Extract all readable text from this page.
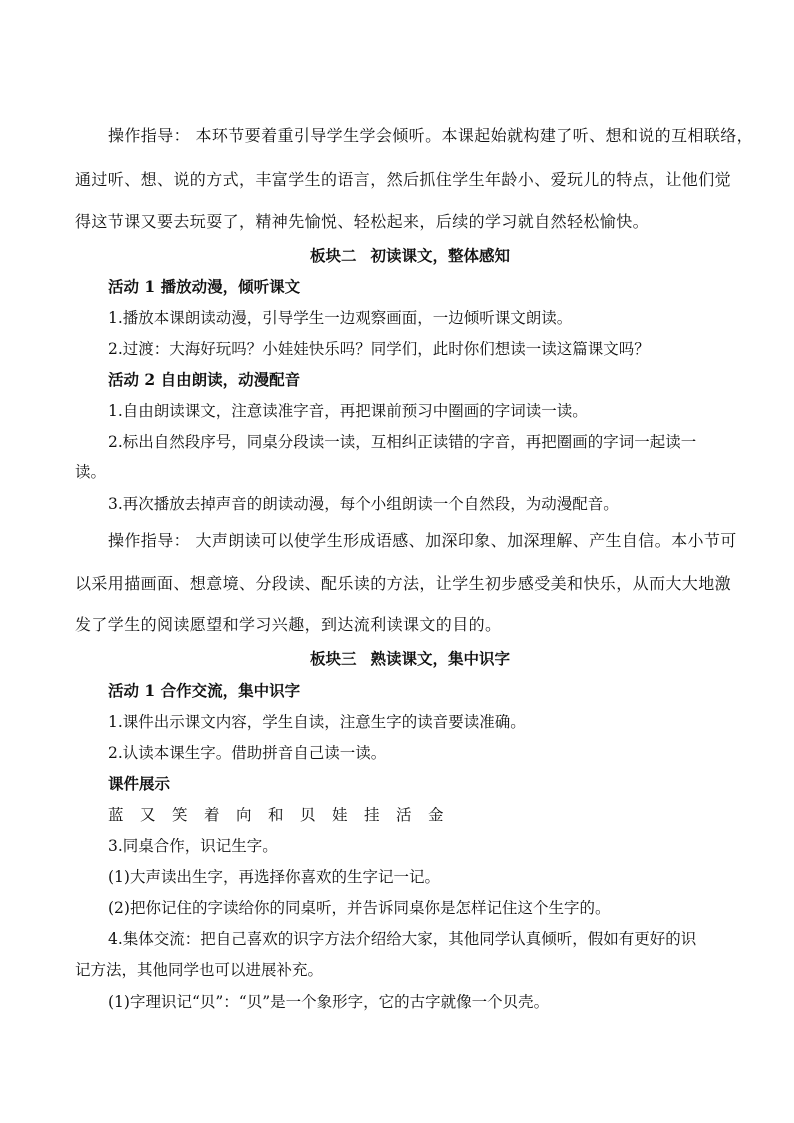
操作指导： 本环节要着重引导学生学会倾听。本课起始就构建了听、想和说的互相联络，
通过听、想、说的方式，丰富学生的语言，然后抓住学生年龄小、爱玩儿的特点，让他们觉
得这节课又要去玩耍了，精神先愉悦、轻松起来，后续的学习就自然轻松愉快。
板块二 初读课文，整体感知
活动 1 播放动漫，倾听课文
1.播放本课朗读动漫，引导学生一边观察画面，一边倾听课文朗读。
2.过渡：大海好玩吗？小娃娃快乐吗？同学们，此时你们想读一读这篇课文吗？
活动 2 自由朗读，动漫配音
1.自由朗读课文，注意读准字音，再把课前预习中圈画的字词读一读。
2.标出自然段序号，同桌分段读一读，互相纠正读错的字音，再把圈画的字词一起读一
读。
3.再次播放去掉声音的朗读动漫，每个小组朗读一个自然段，为动漫配音。
操作指导： 大声朗读可以使学生形成语感、加深印象、加深理解、产生自信。本小节可
以采用描画面、想意境、分段读、配乐读的方法，让学生初步感受美和快乐，从而大大地激
发了学生的阅读愿望和学习兴趣，到达流利读课文的目的。
板块三 熟读课文，集中识字
活动 1 合作交流，集中识字
1.课件出示课文内容，学生自读，注意生字的读音要读准确。
2.认读本课生字。借助拼音自己读一读。
课件展示
蓝 又 笑 着 向 和 贝 娃 挂 活 金
3.同桌合作，识记生字。
(1)大声读出生字，再选择你喜欢的生字记一记。
(2)把你记住的字读给你的同桌听，并告诉同桌你是怎样记住这个生字的。
4.集体交流：把自己喜欢的识字方法介绍给大家，其他同学认真倾听，假如有更好的识
记方法，其他同学也可以进展补充。
(1)字理识记“贝”：“贝”是一个象形字，它的古字就像一个贝壳。
